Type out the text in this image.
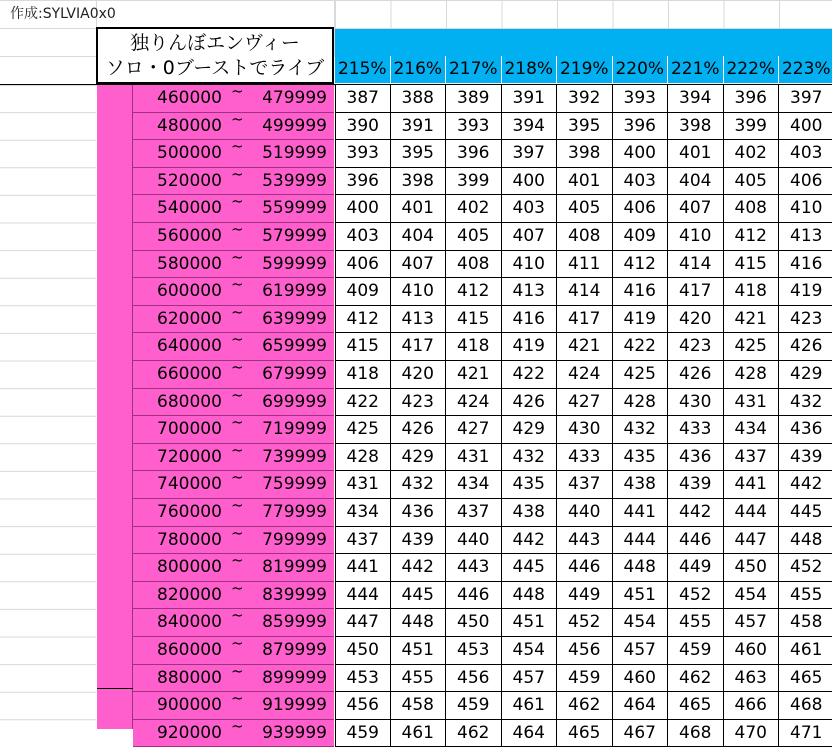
作成:SYLVIA0x0
独りんぼエンヴィー
ソロ・0ブーストでライブ 215% 216% 217% 218% 219% 220% 221% 222% 223%
460000 ~ 479999	387	388	389	391	392	393	394	396	397
480000 ~ 499999	390	391	393	394	395	396	398	399	400
500000 ~ 519999	393	395	396	397	398	400	401	402	403
520000 ~ 539999	396	398	399	400	401	403	404	405	406
540000 ~ 559999	400	401	402	403	405	406	407	408	410
560000 ~ 579999	403	404	405	407	408	409	410	412	413
580000 ~ 599999	406	407	408	410	411	412	414	415	416
600000 ~ 619999	409	410	412	413	414	416	417	418	419
620000 ~ 639999	412	413	415	416	417	419	420	421	423
640000 ~ 659999	415	417	418	419	421	422	423	425	426
660000 ~ 679999	418	420	421	422	424	425	426	428	429
680000 ~ 699999	422	423	424	426	427	428	430	431	432
700000 ~ 719999	425	426	427	429	430	432	433	434	436
720000 ~ 739999	428	429	431	432	433	435	436	437	439
740000 ~ 759999	431	432	434	435	437	438	439	441	442
760000 ~ 779999	434	436	437	438	440	441	442	444	445
780000 ~ 799999	437	439	440	442	443	444	446	447	448
800000 ~ 819999	441	442	443	445	446	448	449	450	452
820000 ~ 839999	444	445	446	448	449	451	452	454	455
840000 ~ 859999	447	448	450	451	452	454	455	457	458
860000 ~ 879999	450	451	453	454	456	457	459	460	461
880000 ~ 899999	453	455	456	457	459	460	462	463	465
900000 ~ 919999	456	458	459	461	462	464	465	466	468
920000 ~ 939999	459	461	462	464	465	467	468	470	471
